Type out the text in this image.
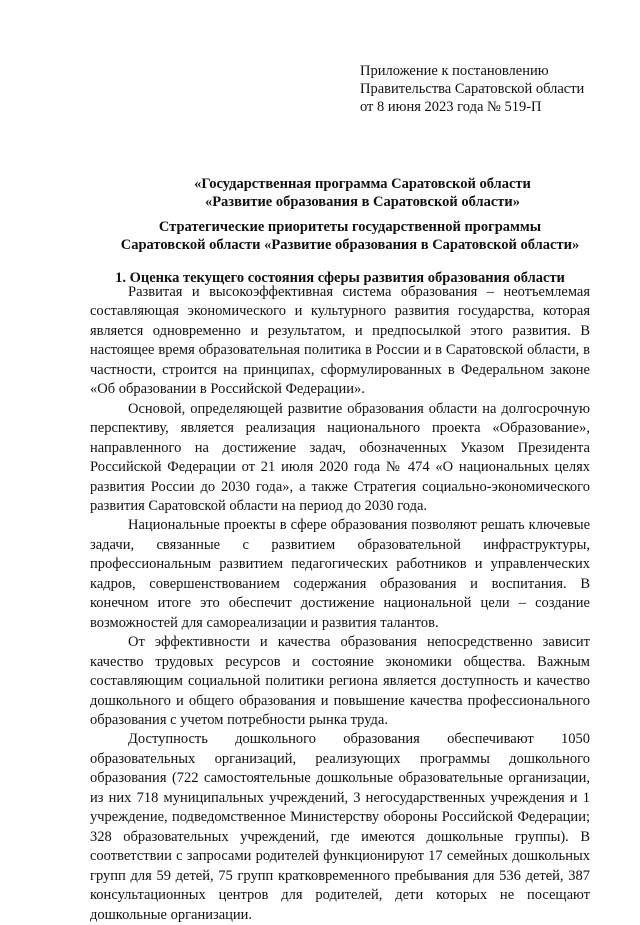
Приложение к постановлению
Правительства Саратовской области
от 8 июня 2023 года № 519-П
«Государственная программа Саратовской области
«Развитие образования в Саратовской области»
Стратегические приоритеты государственной программы
Саратовской области «Развитие образования в Саратовской области»
1. Оценка текущего состояния сферы развития образования области

Развитая и высокоэффективная система образования – неотъемлемая составляющая экономического и культурного развития государства, которая является одновременно и результатом, и предпосылкой этого развития. В настоящее время образовательная политика в России и в Саратовской области, в частности, строится на принципах, сформулированных в Федеральном законе «Об образовании в Российской Федерации».

Основой, определяющей развитие образования области на долгосрочную перспективу, является реализация национального проекта «Образование», направленного на достижение задач, обозначенных Указом Президента Российской Федерации от 21 июля 2020 года № 474 «О национальных целях развития России до 2030 года», а также Стратегия социально-экономического развития Саратовской области на период до 2030 года.

Национальные проекты в сфере образования позволяют решать ключевые задачи, связанные с развитием образовательной инфраструктуры, профессиональным развитием педагогических работников и управленческих кадров, совершенствованием содержания образования и воспитания. В конечном итоге это обеспечит достижение национальной цели – создание возможностей для самореализации и развития талантов.

От эффективности и качества образования непосредственно зависит качество трудовых ресурсов и состояние экономики общества. Важным составляющим социальной политики региона является доступность и качество дошкольного и общего образования и повышение качества профессионального образования с учетом потребности рынка труда.

Доступность дошкольного образования обеспечивают 1050 образовательных организаций, реализующих программы дошкольного образования (722 самостоятельные дошкольные образовательные организации, из них 718 муниципальных учреждений, 3 негосударственных учреждения и 1 учреждение, подведомственное Министерству обороны Российской Федерации; 328 образовательных учреждений, где имеются дошкольные группы). В соответствии с запросами родителей функционируют 17 семейных дошкольных групп для 59 детей, 75 групп кратковременного пребывания для 536 детей, 387 консультационных центров для родителей, дети которых не посещают дошкольные организации.
